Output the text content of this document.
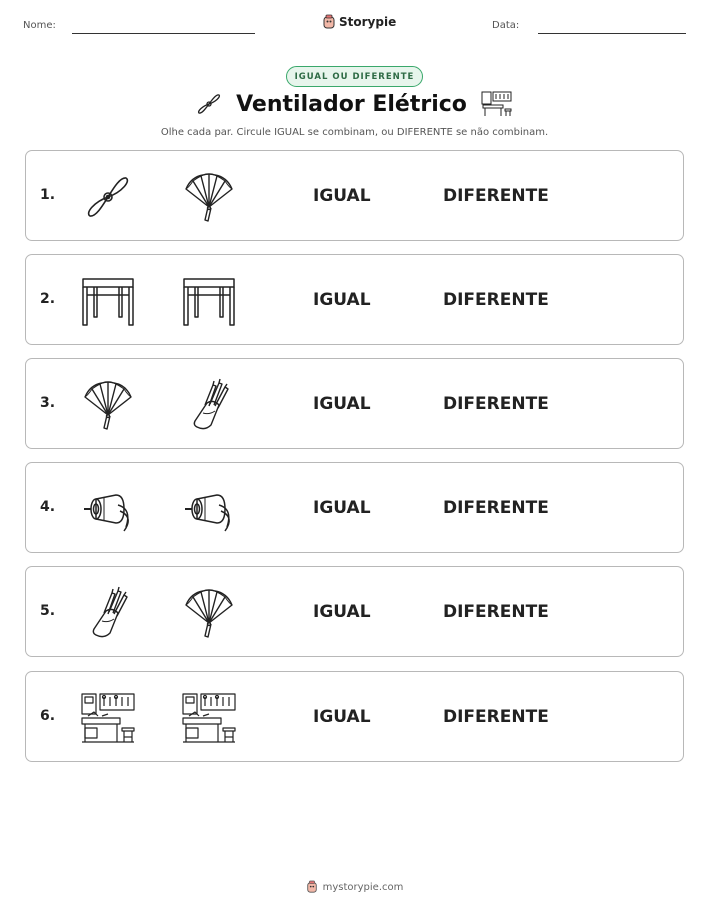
Nome:	Storypie	Data:
IGUAL OU DIFERENTE
Ventilador Elétrico
Olhe cada par. Circule IGUAL se combinam, ou DIFERENTE se não combinam.
1.	IGUAL	DIFERENTE
2.	IGUAL	DIFERENTE
3.	IGUAL	DIFERENTE
4.	IGUAL	DIFERENTE
5.	IGUAL	DIFERENTE
6.	IGUAL	DIFERENTE
mystorypie.com
